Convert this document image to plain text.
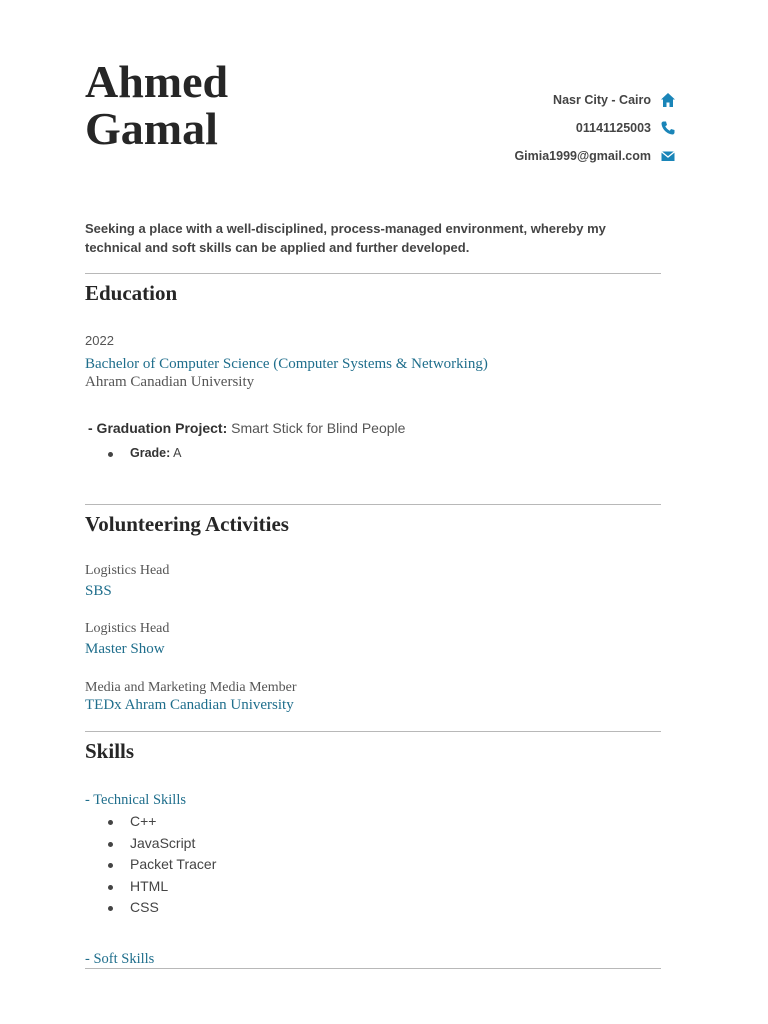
Ahmed
Gamal
Nasr City - Cairo
01141125003
Gimia1999@gmail.com
Seeking a place with a well-disciplined, process-managed environment, whereby my technical and soft skills can be applied and further developed.
Education
2022
Bachelor of Computer Science (Computer Systems & Networking)
Ahram Canadian University
- Graduation Project: Smart Stick for Blind People
Grade: A
Volunteering Activities
Logistics Head
SBS
Logistics Head
Master Show
Media and Marketing Media Member
TEDx Ahram Canadian University
Skills
- Technical Skills
C++
JavaScript
Packet Tracer
HTML
CSS
- Soft Skills
